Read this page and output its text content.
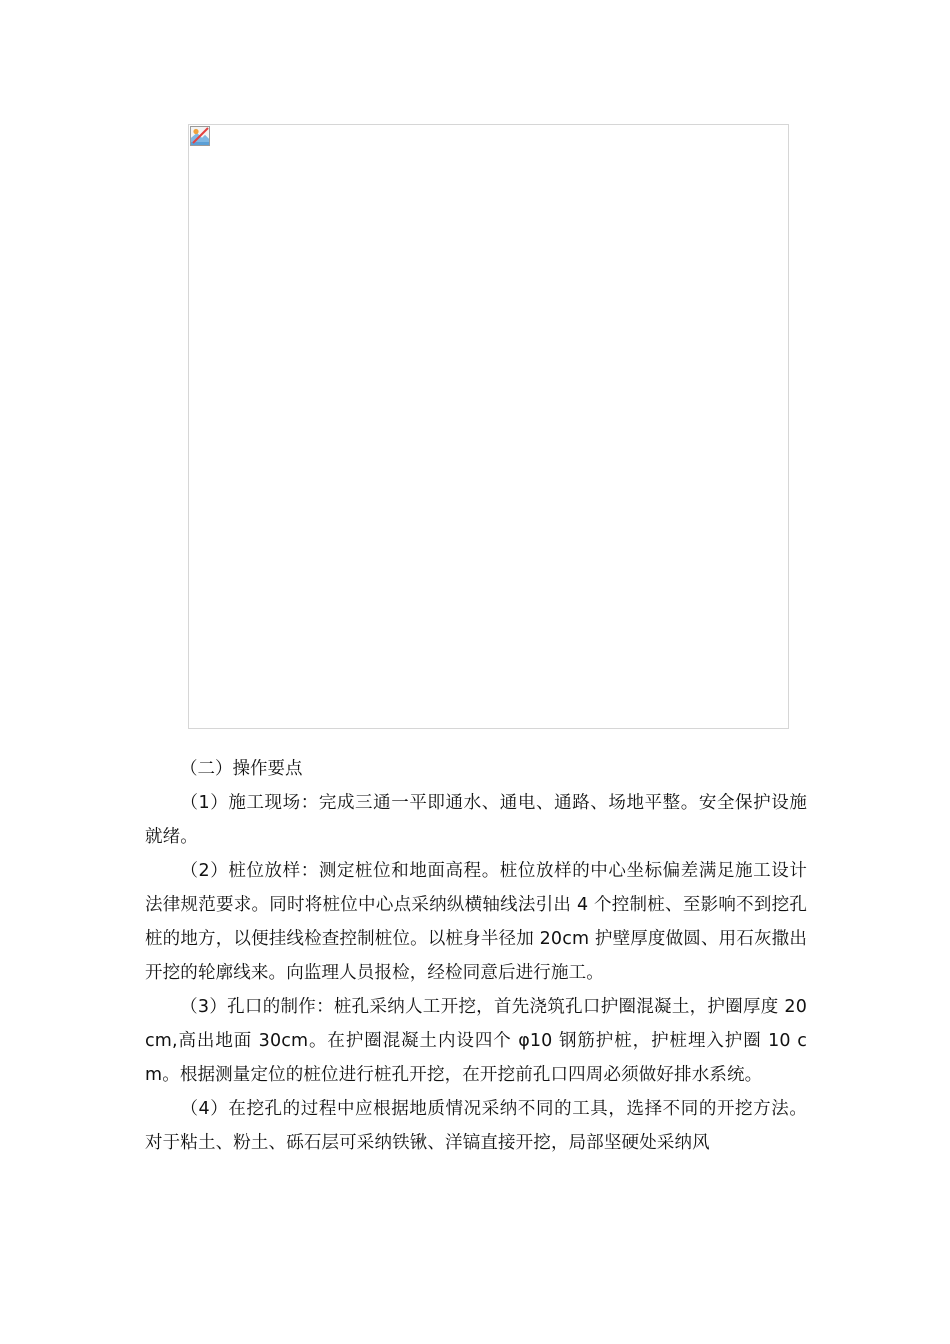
（二）操作要点

（1）施工现场：完成三通一平即通水、通电、通路、场地平整。安全保护设施就绪。

（2）桩位放样：测定桩位和地面高程。桩位放样的中心坐标偏差满足施工设计法律规范要求。同时将桩位中心点采纳纵横轴线法引出 4 个控制桩、至影响不到挖孔桩的地方，以便挂线检查控制桩位。以桩身半径加 20cm 护壁厚度做圆、用石灰撒出开挖的轮廓线来。向监理人员报检，经检同意后进行施工。

（3）孔口的制作：桩孔采纳人工开挖，首先浇筑孔口护圈混凝土，护圈厚度 20 cm,高出地面 30cm。在护圈混凝土内设四个 φ10 钢筋护桩，护桩埋入护圈 10 cm。根据测量定位的桩位进行桩孔开挖，在开挖前孔口四周必须做好排水系统。

（4）在挖孔的过程中应根据地质情况采纳不同的工具，选择不同的开挖方法。对于粘土、粉土、砾石层可采纳铁锹、洋镐直接开挖，局部坚硬处采纳风
